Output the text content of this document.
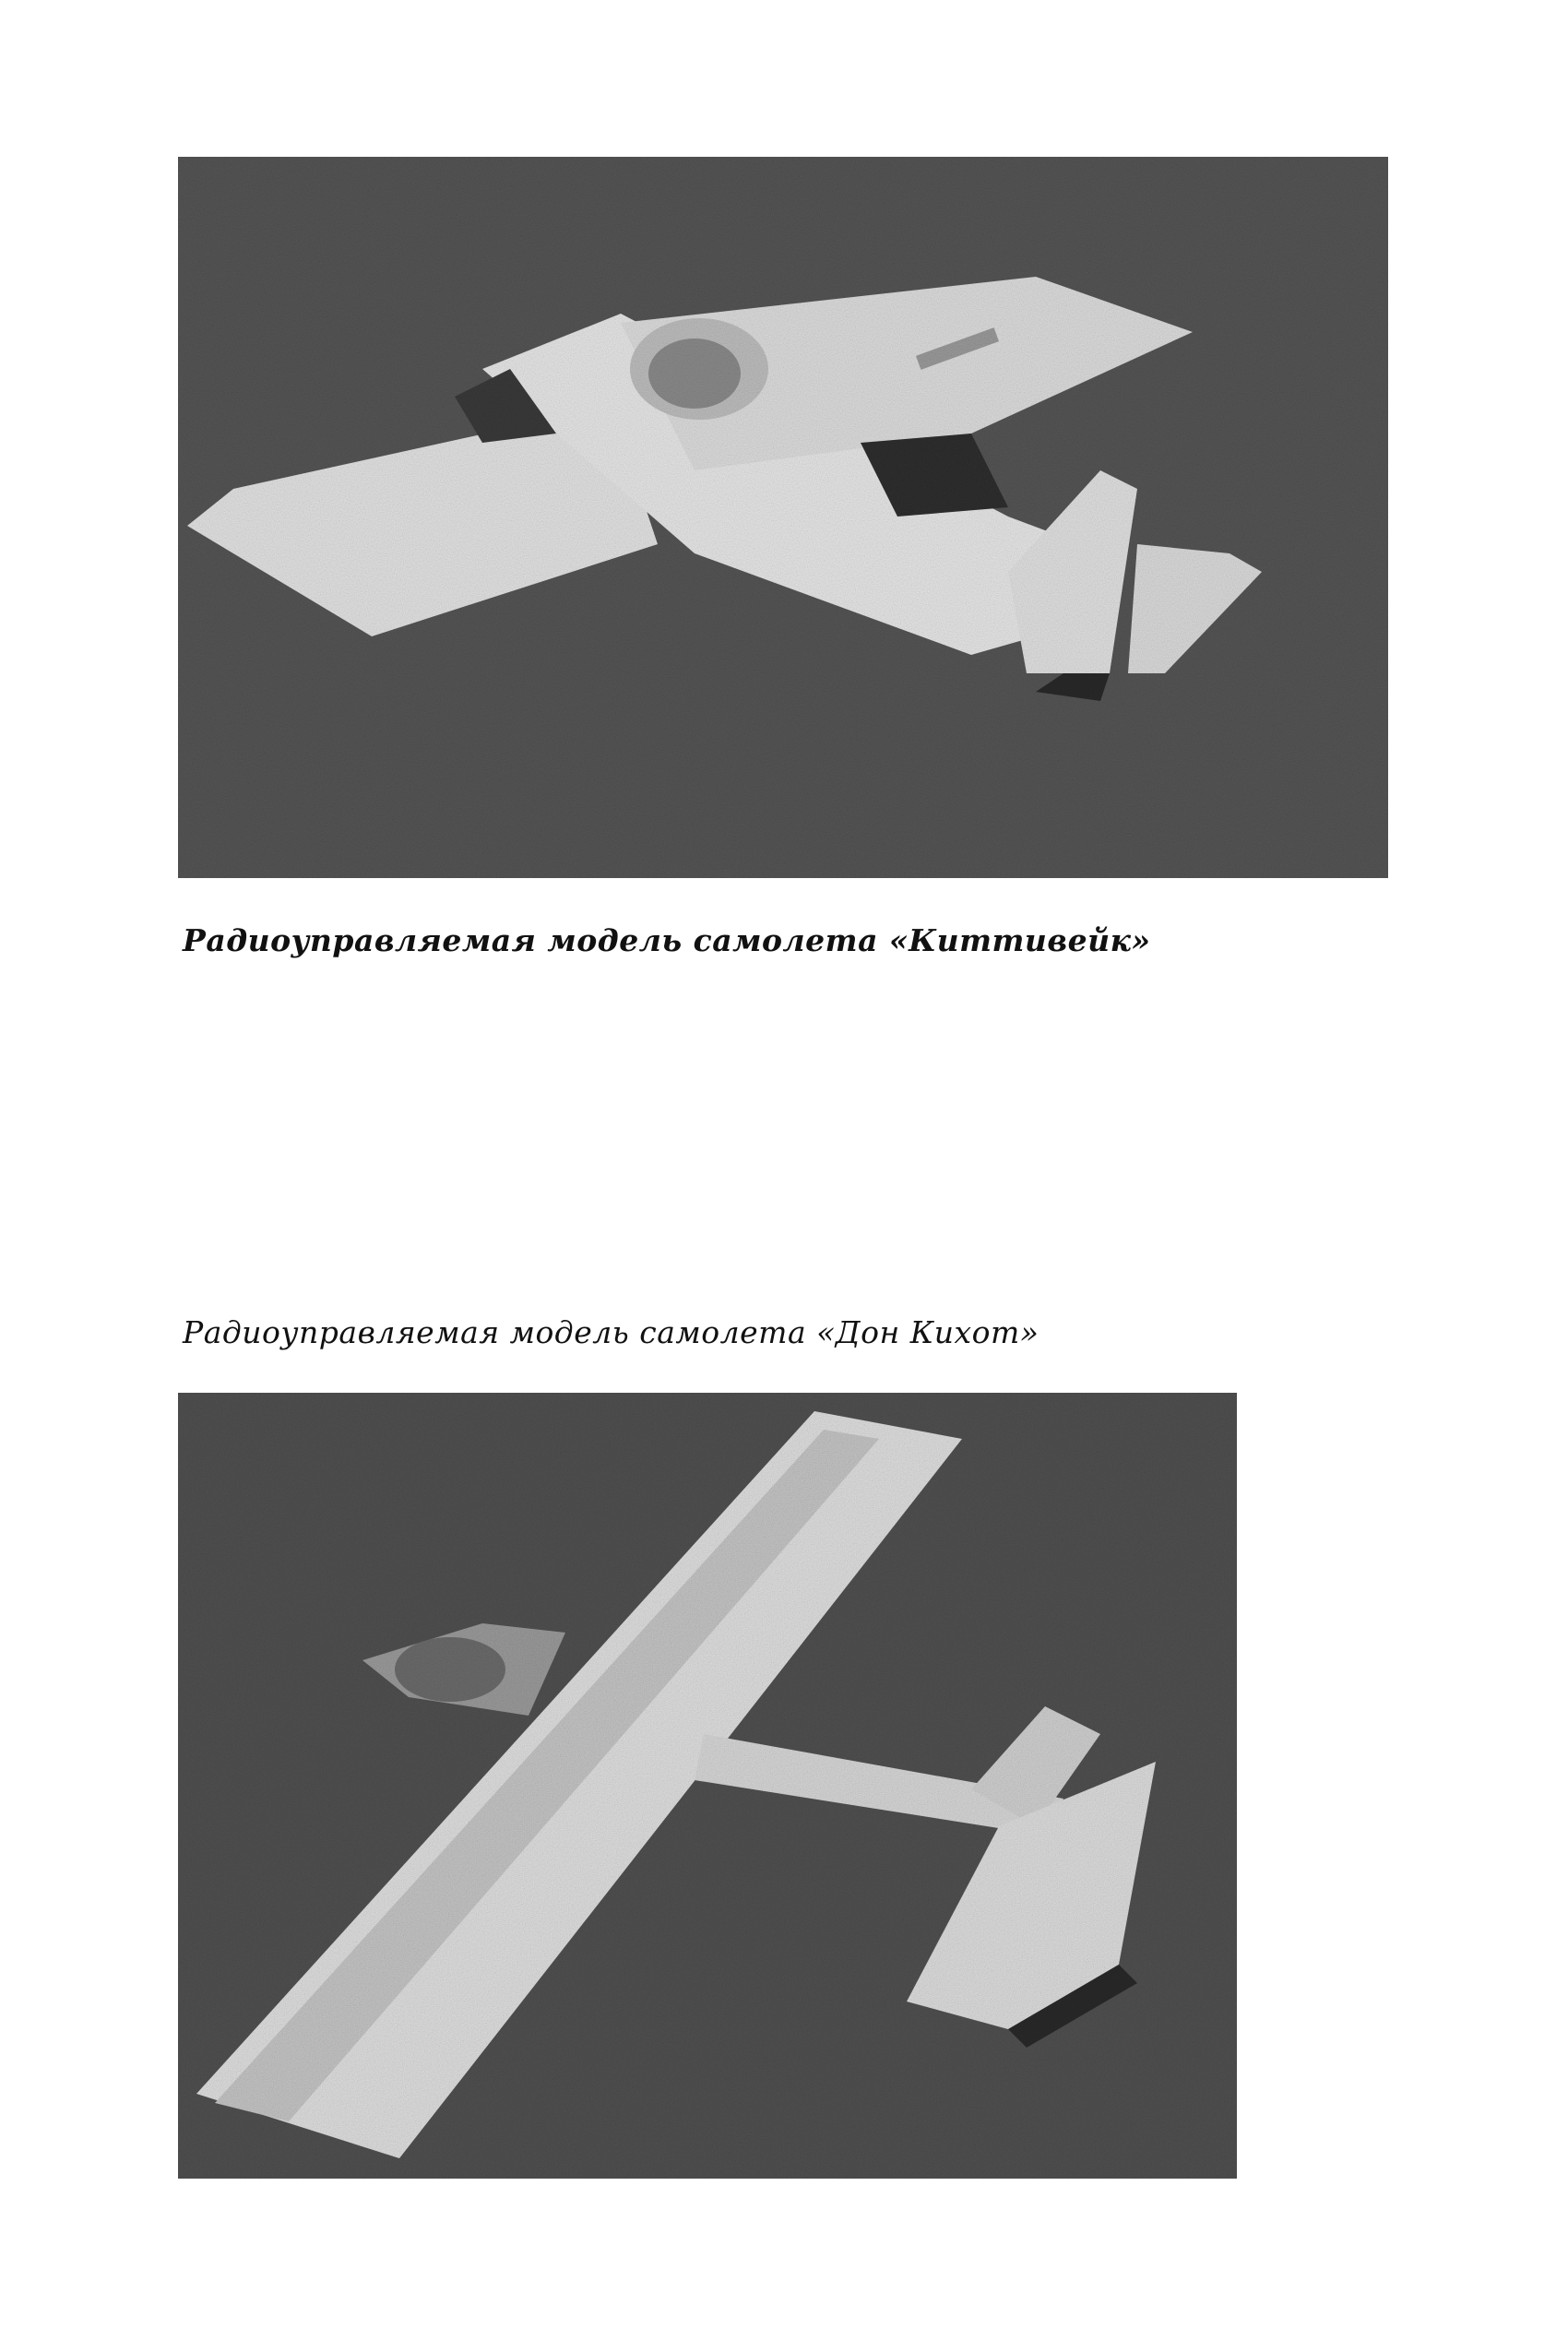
Радиоуправляемая модель самолета «Киттивейк»
Радиоуправляемая модель самолета «Дон Кихот»
